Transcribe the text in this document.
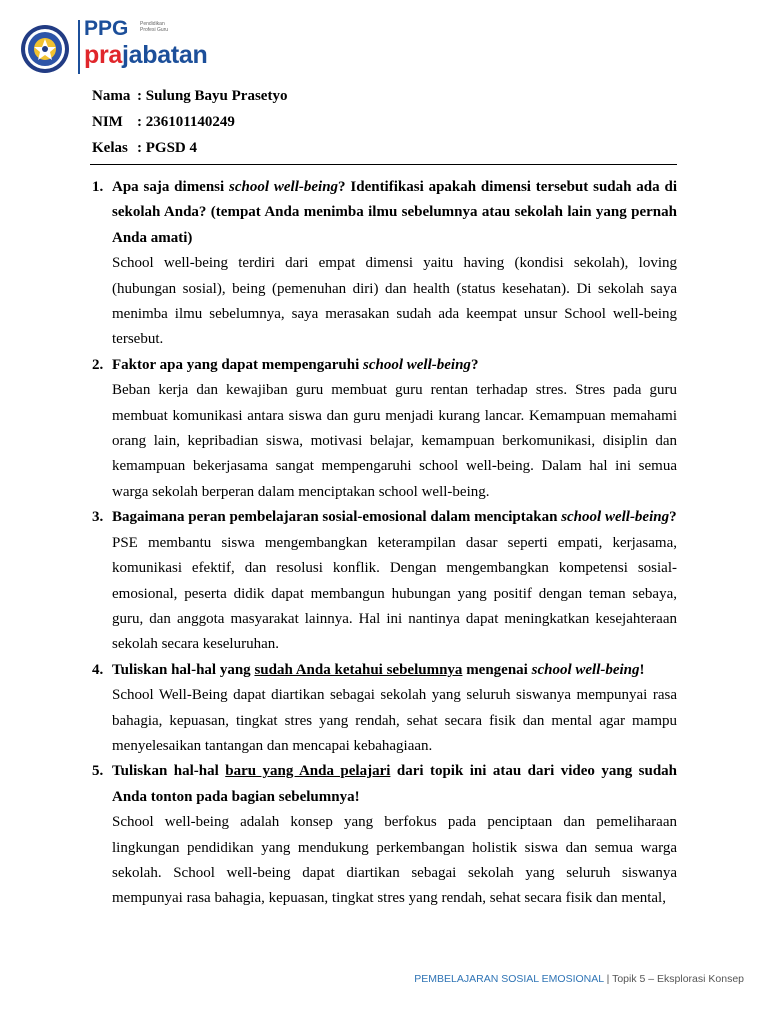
PPG
prajabatan
Pendidikan Profesi Guru
Nama : Sulung Bayu Prasetyo
NIM : 236101140249
Kelas : PGSD 4
1. Apa saja dimensi school well-being? Identifikasi apakah dimensi tersebut sudah ada di sekolah Anda? (tempat Anda menimba ilmu sebelumnya atau sekolah lain yang pernah Anda amati)
School well-being terdiri dari empat dimensi yaitu having (kondisi sekolah), loving (hubungan sosial), being (pemenuhan diri) dan health (status kesehatan). Di sekolah saya menimba ilmu sebelumnya, saya merasakan sudah ada keempat unsur School well-being tersebut.
2. Faktor apa yang dapat mempengaruhi school well-being?
Beban kerja dan kewajiban guru membuat guru rentan terhadap stres. Stres pada guru membuat komunikasi antara siswa dan guru menjadi kurang lancar. Kemampuan memahami orang lain, kepribadian siswa, motivasi belajar, kemampuan berkomunikasi, disiplin dan kemampuan bekerjasama sangat mempengaruhi school well-being. Dalam hal ini semua warga sekolah berperan dalam menciptakan school well-being.
3. Bagaimana peran pembelajaran sosial-emosional dalam menciptakan school well-being?
PSE membantu siswa mengembangkan keterampilan dasar seperti empati, kerjasama, komunikasi efektif, dan resolusi konflik. Dengan mengembangkan kompetensi sosial-emosional, peserta didik dapat membangun hubungan yang positif dengan teman sebaya, guru, dan anggota masyarakat lainnya. Hal ini nantinya dapat meningkatkan kesejahteraan sekolah secara keseluruhan.
4. Tuliskan hal-hal yang sudah Anda ketahui sebelumnya mengenai school well-being!
School Well-Being dapat diartikan sebagai sekolah yang seluruh siswanya mempunyai rasa bahagia, kepuasan, tingkat stres yang rendah, sehat secara fisik dan mental agar mampu menyelesaikan tantangan dan mencapai kebahagiaan.
5. Tuliskan hal-hal baru yang Anda pelajari dari topik ini atau dari video yang sudah Anda tonton pada bagian sebelumnya!
School well-being adalah konsep yang berfokus pada penciptaan dan pemeliharaan lingkungan pendidikan yang mendukung perkembangan holistik siswa dan semua warga sekolah. School well-being dapat diartikan sebagai sekolah yang seluruh siswanya mempunyai rasa bahagia, kepuasan, tingkat stres yang rendah, sehat secara fisik dan mental,
PEMBELAJARAN SOSIAL EMOSIONAL | Topik 5 – Eksplorasi Konsep
